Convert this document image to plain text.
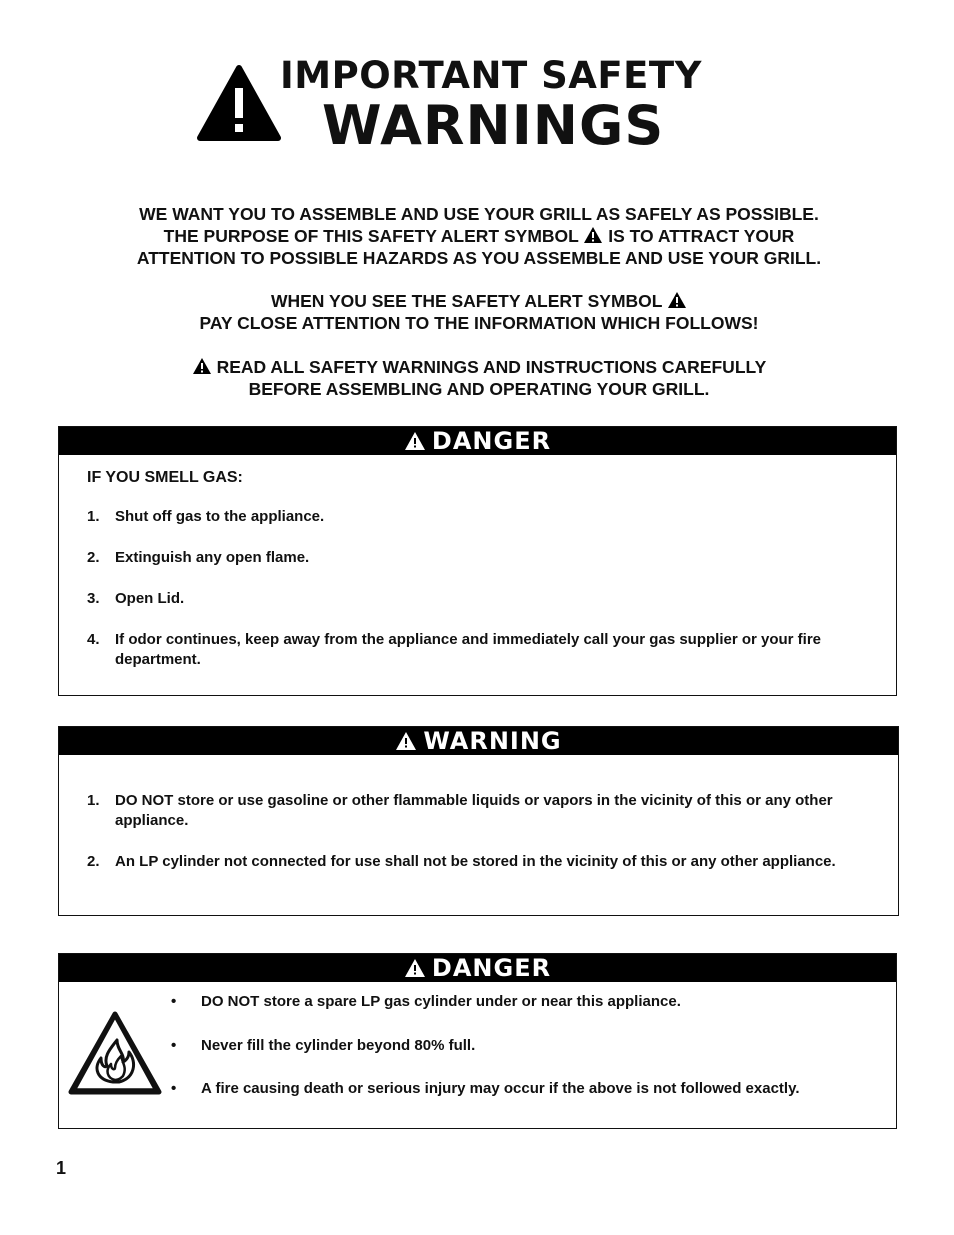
IMPORTANT SAFETY
WARNINGS

WE WANT YOU TO ASSEMBLE AND USE YOUR GRILL AS SAFELY AS POSSIBLE.

THE PURPOSE OF THIS SAFETY ALERT SYMBOL IS TO ATTRACT YOUR

ATTENTION TO POSSIBLE HAZARDS AS YOU ASSEMBLE AND USE YOUR GRILL.

WHEN YOU SEE THE SAFETY ALERT SYMBOL

PAY CLOSE ATTENTION TO THE INFORMATION WHICH FOLLOWS!

READ ALL SAFETY WARNINGS AND INSTRUCTIONS CAREFULLY

BEFORE ASSEMBLING AND OPERATING YOUR GRILL.

DANGER
IF YOU SMELL GAS:
1. Shut off gas to the appliance.
2. Extinguish any open flame.
3. Open Lid.
4. If odor continues, keep away from the appliance and immediately call your gas supplier or your fire department.
WARNING
1. DO NOT store or use gasoline or other flammable liquids or vapors in the vicinity of this or any other appliance.
2. An LP cylinder not connected for use shall not be stored in the vicinity of this or any other appliance.
DANGER
• DO NOT store a spare LP gas cylinder under or near this appliance.
• Never fill the cylinder beyond 80% full.
• A fire causing death or serious injury may occur if the above is not followed exactly.
1
